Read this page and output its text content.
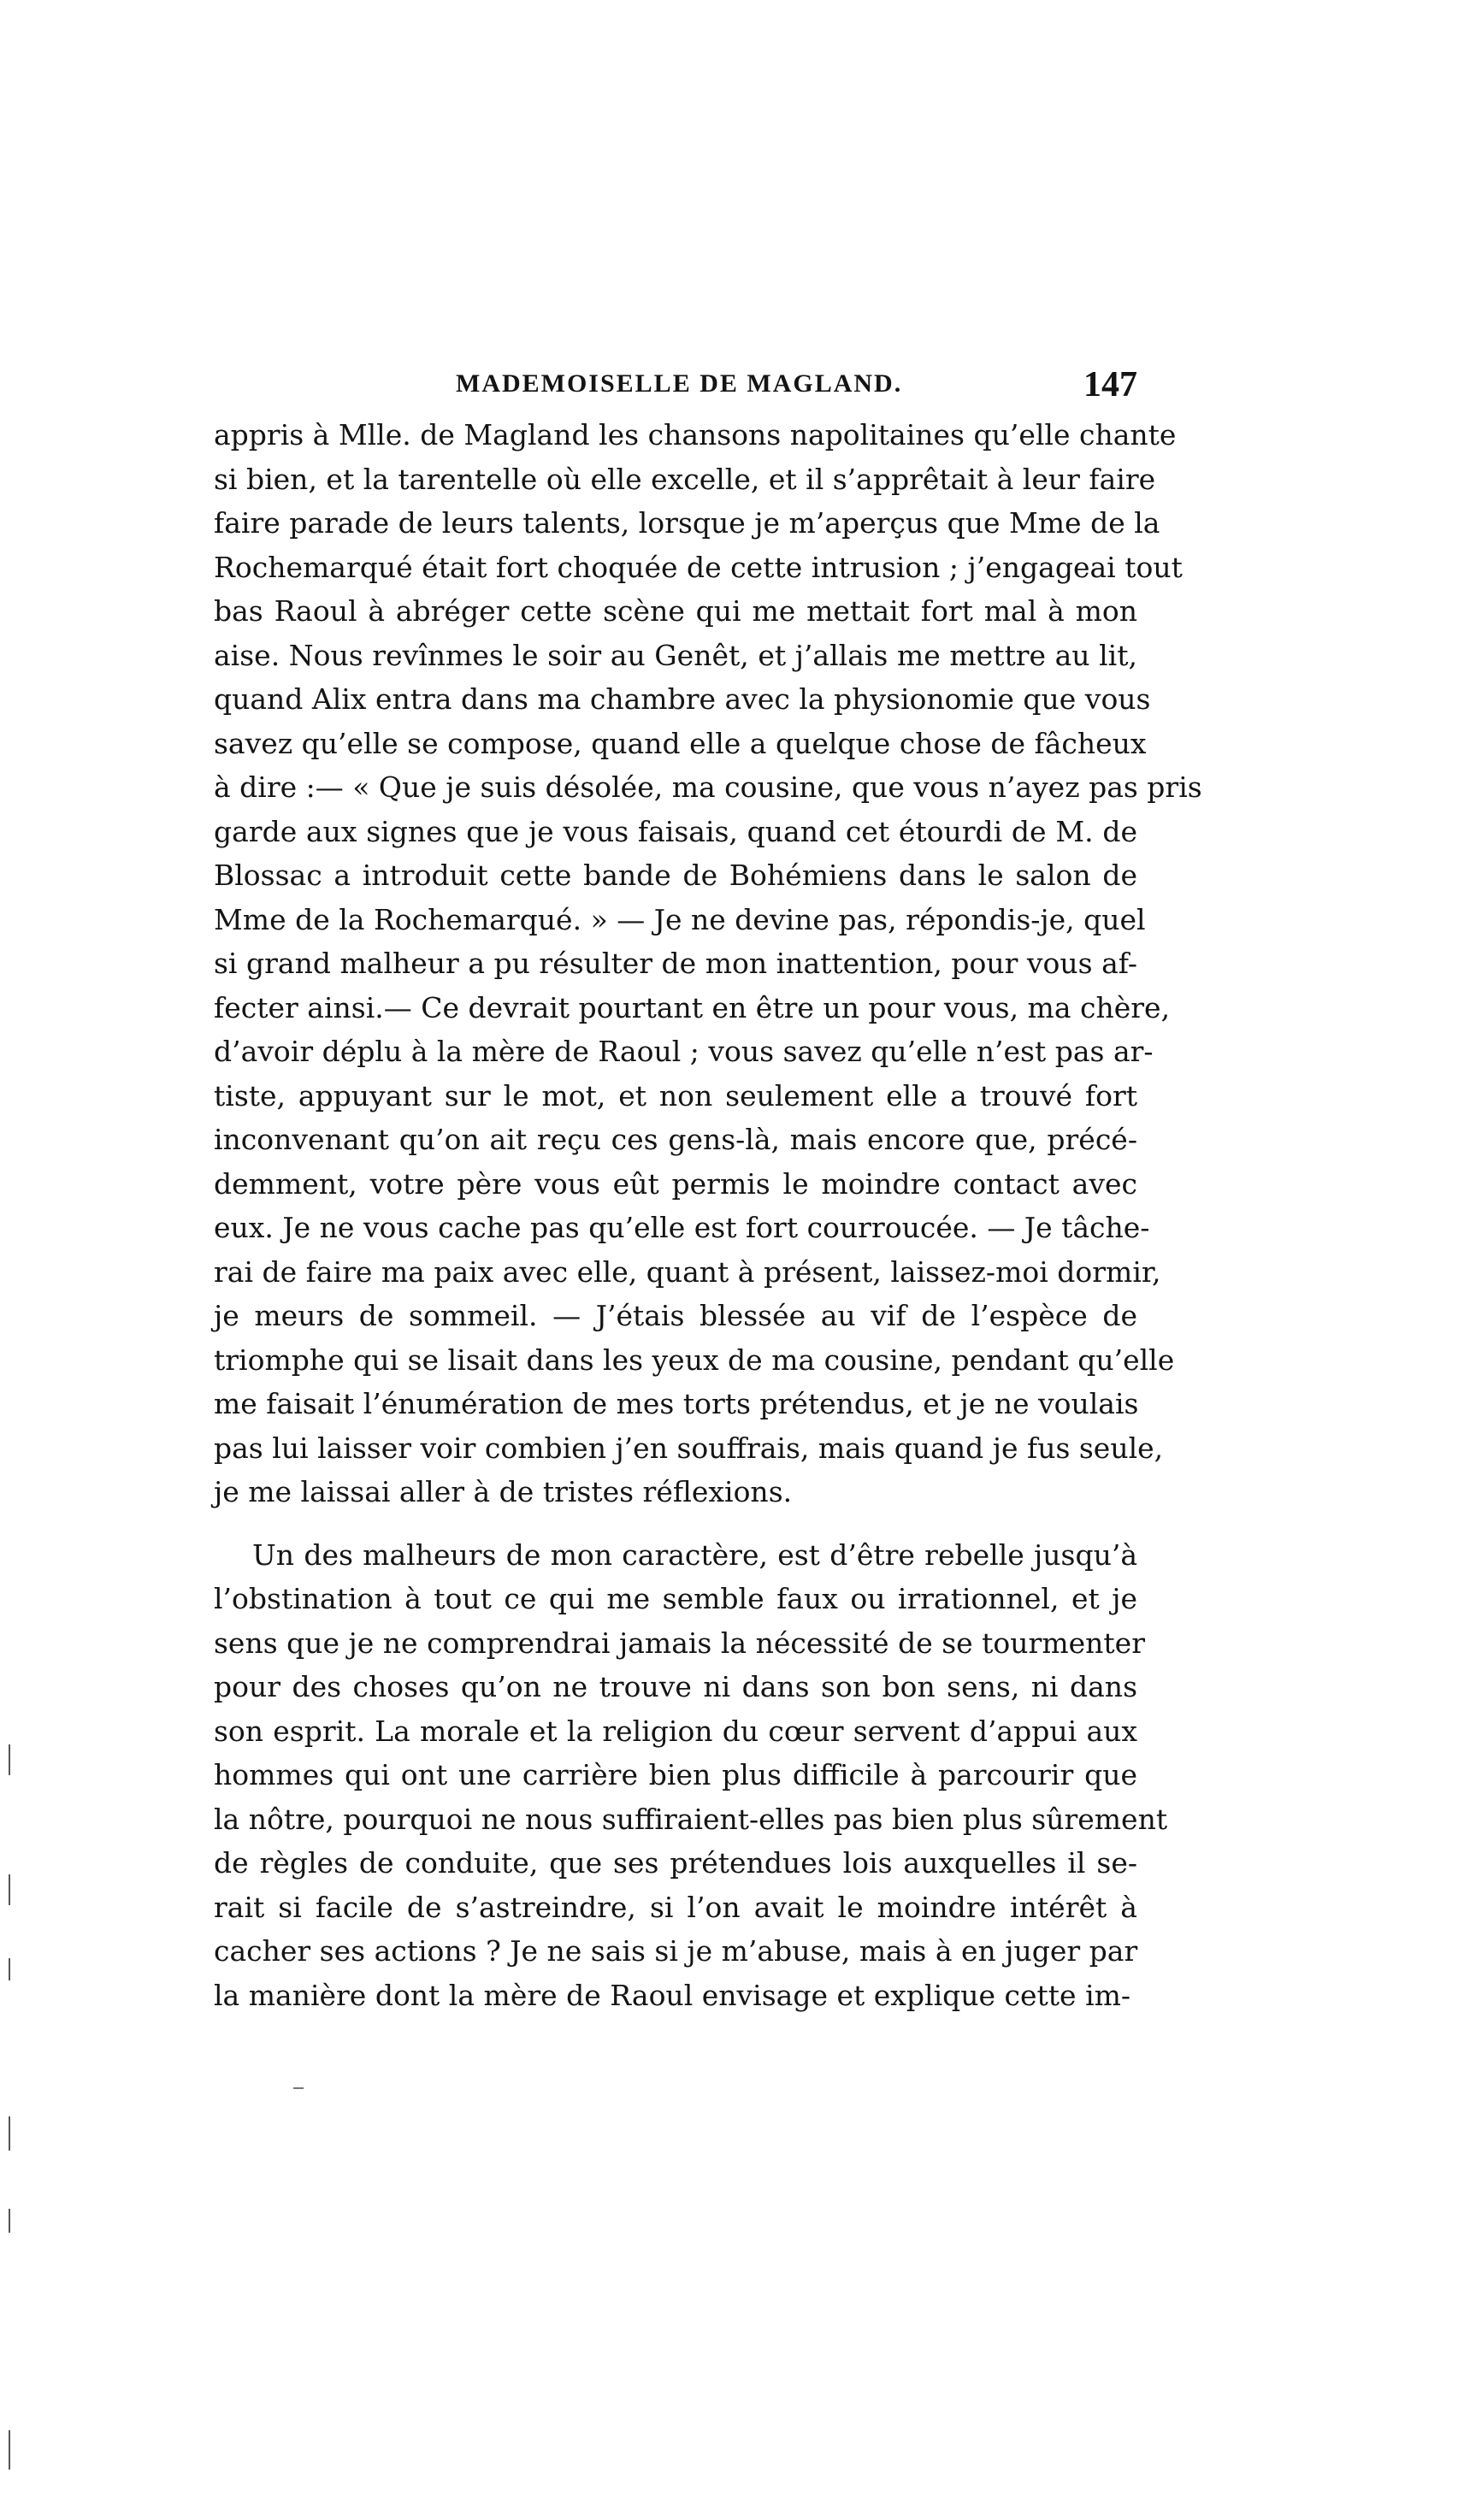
MADEMOISELLE DE MAGLAND.	147
appris à Mlle. de Magland les chansons napolitaines qu’elle chante
si bien, et la tarentelle où elle excelle, et il s’apprêtait à leur faire
faire parade de leurs talents, lorsque je m’aperçus que Mme de la
Rochemarqué était fort choquée de cette intrusion ; j’engageai tout
bas Raoul à abréger cette scène qui me mettait fort mal à mon
aise. Nous revînmes le soir au Genêt, et j’allais me mettre au lit,
quand Alix entra dans ma chambre avec la physionomie que vous
savez qu’elle se compose, quand elle a quelque chose de fâcheux
à dire :— « Que je suis désolée, ma cousine, que vous n’ayez pas pris
garde aux signes que je vous faisais, quand cet étourdi de M. de
Blossac a introduit cette bande de Bohémiens dans le salon de
Mme de la Rochemarqué. » — Je ne devine pas, répondis-je, quel
si grand malheur a pu résulter de mon inattention, pour vous af-
fecter ainsi.— Ce devrait pourtant en être un pour vous, ma chère,
d’avoir déplu à la mère de Raoul ; vous savez qu’elle n’est pas ar-
tiste, appuyant sur le mot, et non seulement elle a trouvé fort
inconvenant qu’on ait reçu ces gens-là, mais encore que, précé-
demment, votre père vous eût permis le moindre contact avec
eux. Je ne vous cache pas qu’elle est fort courroucée. — Je tâche-
rai de faire ma paix avec elle, quant à présent, laissez-moi dormir,
je meurs de sommeil. — J’étais blessée au vif de l’espèce de
triomphe qui se lisait dans les yeux de ma cousine, pendant qu’elle
me faisait l’énumération de mes torts prétendus, et je ne voulais
pas lui laisser voir combien j’en souffrais, mais quand je fus seule,
je me laissai aller à de tristes réflexions.
Un des malheurs de mon caractère, est d’être rebelle jusqu’à
l’obstination à tout ce qui me semble faux ou irrationnel, et je
sens que je ne comprendrai jamais la nécessité de se tourmenter
pour des choses qu’on ne trouve ni dans son bon sens, ni dans
son esprit. La morale et la religion du cœur servent d’appui aux
hommes qui ont une carrière bien plus difficile à parcourir que
la nôtre, pourquoi ne nous suffiraient-elles pas bien plus sûrement
de règles de conduite, que ses prétendues lois auxquelles il se-
rait si facile de s’astreindre, si l’on avait le moindre intérêt à
cacher ses actions ? Je ne sais si je m’abuse, mais à en juger par
la manière dont la mère de Raoul envisage et explique cette im-
